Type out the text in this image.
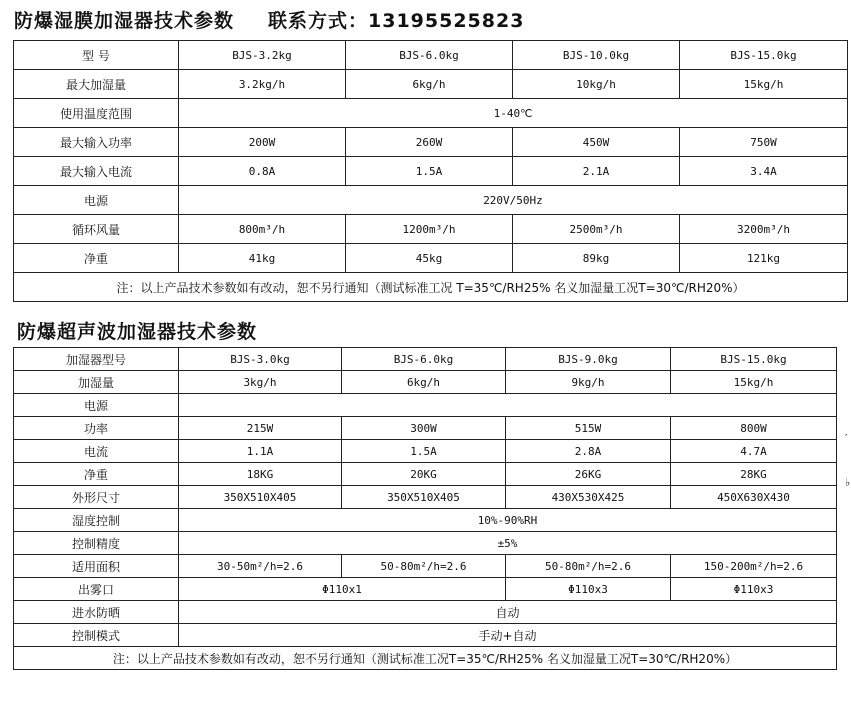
防爆湿膜加湿器技术参数 联系方式：13195525823
型 号	BJS-3.2kg	BJS-6.0kg	BJS-10.0kg	BJS-15.0kg
最大加湿量	3.2kg/h	6kg/h	10kg/h	15kg/h
使用温度范围	1-40℃			
最大输入功率	200W	260W	450W	750W
最大输入电流	0.8A	1.5A	2.1A	3.4A
电源	220V/50Hz			
循环风量	800m³/h	1200m³/h	2500m³/h	3200m³/h
净重	41kg	45kg	89kg	121kg
注：以上产品技术参数如有改动，恕不另行通知（测试标准工况 T=35℃/RH25% 名义加湿量工况T=30℃/RH20%）				
防爆超声波加湿器技术参数
加湿器型号	BJS-3.0kg	BJS-6.0kg	BJS-9.0kg	BJS-15.0kg
加湿量	3kg/h	6kg/h	9kg/h	15kg/h
电源				
功率	215W	300W	515W	800W
电流	1.1A	1.5A	2.8A	4.7A
净重	18KG	20KG	26KG	28KG
外形尺寸	350X510X405	350X510X405	430X530X425	450X630X430
湿度控制	10%-90%RH			
控制精度	±5%			
适用面积	30-50m²/h=2.6	50-80m²/h=2.6	50-80m²/h=2.6	150-200m²/h=2.6
出雾口	Φ110x1		Φ110x3	Φ110x3
进水防晒	自动			
控制模式	手动+自动			
注：以上产品技术参数如有改动，恕不另行通知（测试标准工况T=35℃/RH25% 名义加湿量工况T=30℃/RH20%）				
′
♭
